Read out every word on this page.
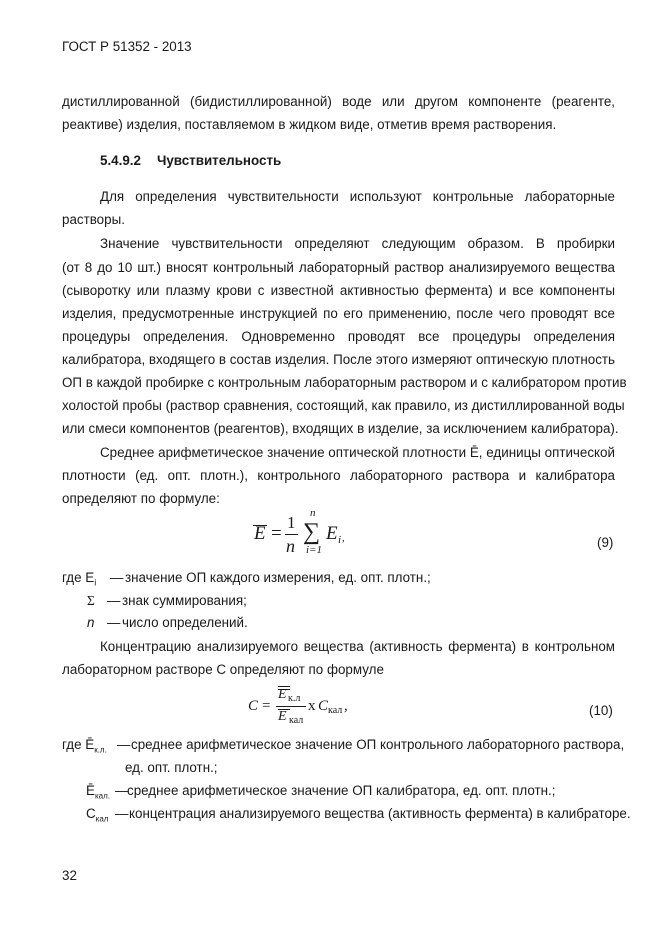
ГОСТ Р 51352 - 2013
дистиллированной (бидистиллированной) воде или другом компоненте (реагенте,
реактиве) изделия, поставляемом в жидком виде, отметив время растворения.
5.4.9.2 Чувствительность
Для определения чувствительности используют контрольные лабораторные
растворы.
Значение чувствительности определяют следующим образом. В пробирки
(от 8 до 10 шт.) вносят контрольный лабораторный раствор анализируемого вещества
(сыворотку или плазму крови с известной активностью фермента) и все компоненты
изделия, предусмотренные инструкцией по его применению, после чего проводят все
процедуры определения. Одновременно проводят все процедуры определения
калибратора, входящего в состав изделия. После этого измеряют оптическую плотность
ОП в каждой пробирке с контрольным лабораторным раствором и с калибратором против
холостой пробы (раствор сравнения, состоящий, как правило, из дистиллированной воды
или смеси компонентов (реагентов), входящих в изделие, за исключением калибратора).
Среднее арифметическое значение оптической плотности Ē, единицы оптической
плотности (ед. опт. плотн.), контрольного лабораторного раствора и калибратора
определяют по формуле:
E =
1
n
n
∑
i=1
E i ,	(9)
где $Е_i$ — значение ОП каждого измерения, ед. опт. плотн.;
Σ — знак суммирования;
n — число определений.
Концентрацию анализируемого вещества (активность фермента) в контрольном
лабораторном растворе С определяют по формуле
C =
E к.л
E кал
х C кал ,	(10)
где $Ē_{к.л.}$ — среднее арифметическое значение ОП контрольного лабораторного раствора,
ед. опт. плотн.;
$Ē_{кал.}$ —
среднее арифметическое значение ОП калибратора, ед. опт. плотн.;
$С_{кал}$ — концентрация анализируемого вещества (активность фермента) в калибраторе.
32
